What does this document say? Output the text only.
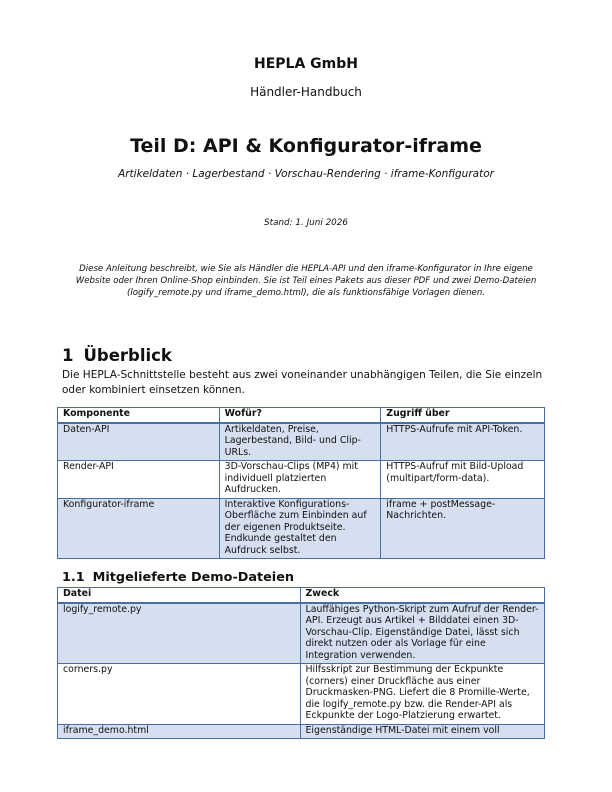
HEPLA GmbH
Händler-Handbuch
Teil D: API & Konfigurator-iframe
Artikeldaten · Lagerbestand · Vorschau-Rendering · iframe-Konfigurator
Stand: 1. Juni 2026
Diese Anleitung beschreibt, wie Sie als Händler die HEPLA-API und den iframe-Konfigurator in Ihre eigene Website oder Ihren Online-Shop einbinden. Sie ist Teil eines Pakets aus dieser PDF und zwei Demo-Dateien (logify_remote.py und iframe_demo.html), die als funktionsfähige Vorlagen dienen.
1 Überblick
Die HEPLA-Schnittstelle besteht aus zwei voneinander unabhängigen Teilen, die Sie einzeln oder kombiniert einsetzen können.
Komponente	Wofür?	Zugriff über
Daten-API	Artikeldaten, Preise, Lagerbestand, Bild- und Clip-URLs.	HTTPS-Aufrufe mit API-Token.
Render-API	3D-Vorschau-Clips (MP4) mit individuell platzierten Aufdrucken.	HTTPS-Aufruf mit Bild-Upload (multipart/form-data).
Konfigurator-iframe	Interaktive Konfigurations-Oberfläche zum Einbinden auf der eigenen Produktseite. Endkunde gestaltet den Aufdruck selbst.	iframe + postMessage-Nachrichten.
1.1 Mitgelieferte Demo-Dateien
Datei	Zweck
logify_remote.py	Lauffähiges Python-Skript zum Aufruf der Render-API. Erzeugt aus Artikel + Bilddatei einen 3D-Vorschau-Clip. Eigenständige Datei, lässt sich direkt nutzen oder als Vorlage für eine Integration verwenden.
corners.py	Hilfsskript zur Bestimmung der Eckpunkte (corners) einer Druckfläche aus einer Druckmasken-PNG. Liefert die 8 Promille-Werte, die logify_remote.py bzw. die Render-API als Eckpunkte der Logo-Platzierung erwartet.
iframe_demo.html	Eigenständige HTML-Datei mit einem voll
